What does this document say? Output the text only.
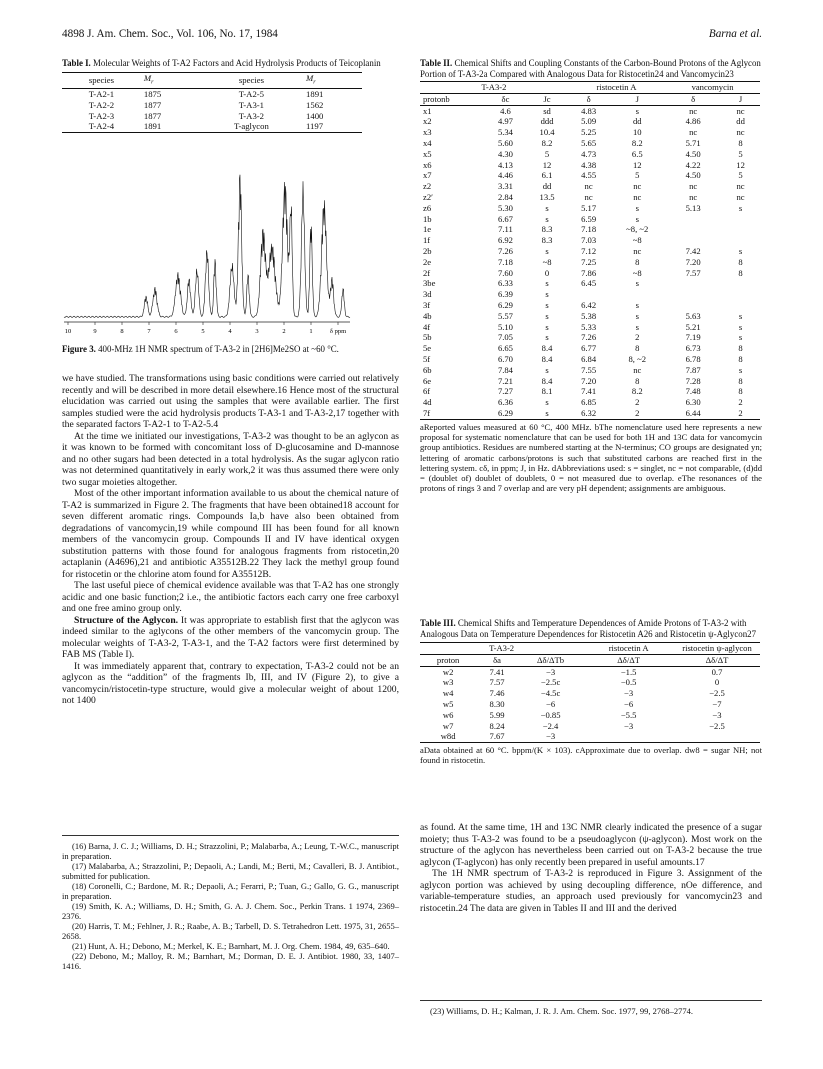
4898 J. Am. Chem. Soc., Vol. 106, No. 17, 1984	Barna et al.
Table I. Molecular Weights of T-A2 Factors and Acid Hydrolysis Products of Teicoplanin
species	$M_r$	species	$M_r$
T-A2-1	1875	T-A2-5	1891
T-A2-2	1877	T-A3-1	1562
T-A2-3	1877	T-A3-2	1400
T-A2-4	1891	T-aglycon	1197
10	9	8	7	6	5	4	3	2	1	δ ppm
Figure 3. 400-MHz 1H NMR spectrum of T-A3-2 in [2H6]Me2SO at ~60 °C.

we have studied. The transformations using basic conditions were carried out relatively recently and will be described in more detail elsewhere.16 Hence most of the structural elucidation was carried out using the samples that were available earlier. The first samples studied were the acid hydrolysis products T-A3-1 and T-A3-2,17 together with the separated factors T-A2-1 to T-A2-5.4

At the time we initiated our investigations, T-A3-2 was thought to be an aglycon as it was known to be formed with concomitant loss of D-glucosamine and D-mannose and no other sugars had been detected in a total hydrolysis. As the sugar aglycon ratio was not determined quantitatively in early work,2 it was thus assumed there were only two sugar moieties altogether.

Most of the other important information available to us about the chemical nature of T-A2 is summarized in Figure 2. The fragments that have been obtained18 account for seven different aromatic rings. Compounds Ia,b have also been obtained from degradations of vancomycin,19 while compound III has been found for all known members of the vancomycin group. Compounds II and IV have identical oxygen substitution patterns with those found for analogous fragments from ristocetin,20 actaplanin (A4696),21 and antibiotic A35512B.22 They lack the methyl group found for ristocetin or the chlorine atom found for A35512B.

The last useful piece of chemical evidence available was that T-A2 has one strongly acidic and one basic function;2 i.e., the antibiotic factors each carry one free carboxyl and one free amino group only.

Structure of the Aglycon. It was appropriate to establish first that the aglycon was indeed similar to the aglycons of the other members of the vancomycin group. The molecular weights of T-A3-2, T-A3-1, and the T-A2 factors were first determined by FAB MS (Table I).

It was immediately apparent that, contrary to expectation, T-A3-2 could not be an aglycon as the “addition” of the fragments Ib, III, and IV (Figure 2), to give a vancomycin/ristocetin-type structure, would give a molecular weight of about 1200, not 1400

(16) Barna, J. C. J.; Williams, D. H.; Strazzolini, P.; Malabarba, A.; Leung, T.-W.C., manuscript in preparation.

(17) Malabarba, A.; Strazzolini, P.; Depaoli, A.; Landi, M.; Berti, M.; Cavalleri, B. J. Antibiot., submitted for publication.

(18) Coronelli, C.; Bardone, M. R.; Depaoli, A.; Ferarri, P.; Tuan, G.; Gallo, G. G., manuscript in preparation.

(19) Smith, K. A.; Williams, D. H.; Smith, G. A. J. Chem. Soc., Perkin Trans. 1 1974, 2369–2376.

(20) Harris, T. M.; Fehlner, J. R.; Raabe, A. B.; Tarbell, D. S. Tetrahedron Lett. 1975, 31, 2655–2658.

(21) Hunt, A. H.; Debono, M.; Merkel, K. E.; Barnhart, M. J. Org. Chem. 1984, 49, 635–640.

(22) Debono, M.; Malloy, R. M.; Barnhart, M.; Dorman, D. E. J. Antibiot. 1980, 33, 1407–1416.

Table II. Chemical Shifts and Coupling Constants of the Carbon-Bound Protons of the Aglycon Portion of T-A3-2a Compared with Analogous Data for Ristocetin24 and Vancomycin23
T-A3-2			ristocetin A		vancomycin	
protonb	δc	Jc	δ	J	δ	J
x1	4.6	sd	4.83	s	nc	nc
x2	4.97	ddd	5.09	dd	4.86	dd
x3	5.34	10.4	5.25	10	nc	nc
x4	5.60	8.2	5.65	8.2	5.71	8
x5	4.30	5	4.73	6.5	4.50	5
x6	4.13	12	4.38	12	4.22	12
x7	4.46	6.1	4.55	5	4.50	5
z2	3.31	dd	nc	nc	nc	nc
z2′	2.84	13.5	nc	nc	nc	nc
z6	5.30	s	5.17	s	5.13	s
1b	6.67	s	6.59	s		
1e	7.11	8.3	7.18	~8, ~2		
1f	6.92	8.3	7.03	~8		
2b	7.26	s	7.12	nc	7.42	s
2e	7.18	~8	7.25	8	7.20	8
2f	7.60	0	7.86	~8	7.57	8
3be	6.33	s	6.45	s		
3d	6.39	s				
3f	6.29	s	6.42	s		
4b	5.57	s	5.38	s	5.63	s
4f	5.10	s	5.33	s	5.21	s
5b	7.05	s	7.26	2	7.19	s
5e	6.65	8.4	6.77	8	6.73	8
5f	6.70	8.4	6.84	8, ~2	6.78	8
6b	7.84	s	7.55	nc	7.87	s
6e	7.21	8.4	7.20	8	7.28	8
6f	7.27	8.1	7.41	8.2	7.48	8
4d	6.36	s	6.85	2	6.30	2
7f	6.29	s	6.32	2	6.44	2
aReported values measured at 60 °C, 400 MHz. bThe nomenclature used here represents a new proposal for systematic nomenclature that can be used for both 1H and 13C data for vancomycin group antibiotics. Residues are numbered starting at the N-terminus; CO groups are designated yn; lettering of aromatic carbons/protons is such that substituted carbons are reached first in the lettering system. cδ, in ppm; J, in Hz. dAbbreviations used: s = singlet, nc = not comparable, (d)dd = (doublet of) doublet of doublets, 0 = not measured due to overlap. eThe resonances of the protons of rings 3 and 7 overlap and are very pH dependent; assignments are ambiguous.
Table III. Chemical Shifts and Temperature Dependences of Amide Protons of T-A3-2 with Analogous Data on Temperature Dependences for Ristocetin A26 and Ristocetin ψ-Aglycon27
T-A3-2			ristocetin A	ristocetin ψ-aglycon
proton	δa	Δδ/ΔTb	Δδ/ΔT	Δδ/ΔT
w2	7.41	−3	−1.5	0.7
w3	7.57	−2.5c	−0.5	0
w4	7.46	−4.5c	−3	−2.5
w5	8.30	−6	−6	−7
w6	5.99	−0.85	−5.5	−3
w7	8.24	−2.4	−3	−2.5
w8d	7.67	−3		
aData obtained at 60 °C. bppm/(K × 103). cApproximate due to overlap. dw8 = sugar NH; not found in ristocetin.

as found. At the same time, 1H and 13C NMR clearly indicated the presence of a sugar moiety; thus T-A3-2 was found to be a pseudoaglycon (ψ-aglycon). Most work on the structure of the aglycon has nevertheless been carried out on T-A3-2 because the true aglycon (T-aglycon) has only recently been prepared in useful amounts.17

The 1H NMR spectrum of T-A3-2 is reproduced in Figure 3. Assignment of the aglycon portion was achieved by using decoupling difference, nOe difference, and variable-temperature studies, an approach used previously for vancomycin23 and ristocetin.24 The data are given in Tables II and III and the derived

(23) Williams, D. H.; Kalman, J. R. J. Am. Chem. Soc. 1977, 99, 2768–2774.
